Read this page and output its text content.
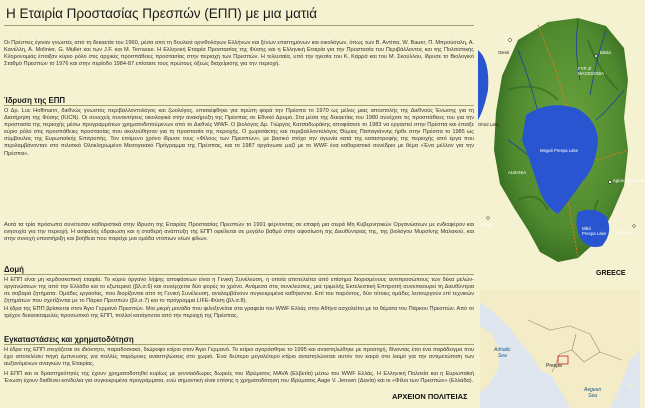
Η Εταιρία Προστασίας Πρεσπών (ΕΠΠ) με μια ματιά

Οι Πρέσπες έγιναν γνωστές από τη δεκαετία του 1960, μέσα από τη δουλειά ορνιθολόγων Ελλήνων και ξένων επιστημόνων και οικολόγων, όπως των Β. Αντίπα, W. Bauer, Π. Μπρούσαλη, Α. Κανέλλη, Α. Molinier, G. Muller και των J.F. και M. Terrasse. Η Ελληνική Εταιρία Προστασίας της Φύσης και η Ελληνική Εταιρία για την Προστασία του Περιβάλλοντος και της Πολιτιστικής Κληρονομιάς έπαιξαν κύριο ρόλο στις αρχικές προσπάθειες προστασίας στην περιοχή των Πρεσπών. Η τελευταία, υπό την ηγεσία του Κ. Καρρά και του Μ. Σκούλλου, ίδρυσε το Βιολογικό Σταθμό Πρεσπών το 1976 και στην περίοδο 1984-87 επίσασε τους πρώτους όξεως διαχείρισης για την περιοχή.

Ίδρυση της ΕΠΠ

Ο Δρ. Luc Hoffmann, διεθνώς γνωστός περιβαλλοντολόγος και ζωολόγος, επισκέφθηκε για πρώτη φορά την Πρέσπα το 1970 ως μέλος μιας αποστολής της Διεθνούς Ένωσης για τη Διατήρηση της Φύσης (IUCN). Οι συνεχείς συναντήσεις οικολογικά στην ανακήρυξη της Πρέσπας σε Εθνικό Δρυμό. Στα μέσα της δεκαετίας του 1980 συνέχισε τις προσπάθειες του για την προστασία της περιοχής μέσω προγραμμάτων χρηματοδοτούμενων από το Διεθνές WWF. Ο βιολόγος Δρ. Γιώργος Κατσαδωράκης αποφάσισε το 1983 να εργαστεί στην Πρέσπα και έπαιξε κύριο ρόλο στις προσπάθειες προστασίας που ακολούθησαν για τη προστασία της περιοχής. Ο χωροτάκτης και περιβαλλοντολόγος Θύμιος Παπαγιάννης ήρθε στην Πρέσπα το 1985 ως σύμβουλος της Ευρωπαϊκής Επιτροπής. Τον επόμενο χρόνο ίδρυσε τους «Φίλους των Πρεσπών», με βασικό στόχο την αγωνία κατά της καταστροφής της περιοχής από έργα που περιλαμβάνονταν στο πιλοτικό Ολοκληρωμένο Μεσογειακό Πρόγραμμα της Πρέσπας, και το 1987 οργάνωσε μαζί με το WWF ένα καθοριστικό συνέδριο με θέμα «Ένα μέλλον για την Πρέσπα».

Αυτά τα τρία πρόσωπα συνέτεσαν καθοριστικά στην ίδρυση της Εταιρίας Προστασίας Πρεσπών το 1991 φέρνοντας σε επαφή μια σειρά Μη Κυβερνητικών Οργανώσεων με ενδιαφέρον και ενησυχία για την περιοχή. Η ασφαλής έδραιωση και η σταθερή ανάπτυξη της ΕΠΠ οφείλεται σε μεγάλο βαθμό στην αφοσίωση της Διευθύντριας της, της βιολόγου Μυρσίνης Μαλακού, και στην συνεχή υποστήριξη και βοήθεια που παρείχε μια ομάδα ντόπιων νέων φίλων.

Δομή

Η ΕΠΠ είναι μη κερδοσκοπική εταιρία. Το κύριο όργανο λήψης αποφάσεων είναι η Γενική Συνέλευση, η οποία αποτελείται από επίσημα διορισμένους αντιπροσώπους των δέκα μελών-οργανώσεων της από την Ελλάδα και το εξωτερικό (βλ.σ.6) και συνέρχεται δύο φορές το χρόνο. Ανάμεσα στις συνελεύσεις, μια τριμελής Εκτελεστική Επιτροπή συνεπικουρεί τη Διευθύντρια σε σοβαρά ζητήματα. Ομάδες εργασίας, που διορίζονται από τη Γενική Συνέλευση, αναλαμβάνουν συγκεκριμένα καθήκοντα. Επί του παρόντος, δύο τέτοιες ομάδες λειτουργούν επί τεχνικών ζητημάτων που σχετίζονται με το Πάρκο Πρεσπών (βλ.σ.7) και το πρόγραμμα LIFE-Φύση (βλ.σ.8).

Η έδρα της ΕΠΠ βρίσκεται στον Άγιο Γερμανό Πρεσπών. Μια μικρή μονάδα που φιλοξενείται στα γραφεία του WWF Ελλάς στην Αθήνα ασχολείται με τα θέματα του Πάρκου Πρεσπών. Από το τρέχον δεκαοκταμελές προσωπικό της ΕΠΠ, πολλοί κατάγονται από την περιοχή της Πρέσπας.

Εγκαταστάσεις και χρηματοδότηση

Η έδρα της ΕΠΠ στεγάζεται σε ιδιόκτητο, παραδοσιακό, διώροφο κτίριο στον Άγιο Γερμανό. Το κτίριο αγοράσθηκε το 1995 και αναστηλώθηκε με προσοχή, δίνοντας έτσι ένα παράδειγμα που έχει αποτελέσει πηγή έμπνευσης για πολλές παρόμοιες αναστηλώσεις στο χωριό. Ένα δεύτερο μεγαλύτερο κτίριο αναστηλώνεται αυτόν τον καιρό στο λαιμό για την αντιμετώπιση των αυξανόμενων αναγκών της Εταιρίας.

Η ΕΠΠ και οι δραστηριότητές της έχουν χρηματοδοτηθεί κυρίως με γενναιόδωρες δωρεές του Ιδρύματος MAVA (Ελβετία) μέσω του WWF Ελλάς. Η Ελληνική Πολιτεία και η Ευρωπαϊκή Ένωση έχουν διαθέσει κονδύλια για συγκεκριμένα προγράμματα, ενώ σημαντική είναι επίσης η χρηματοδότηση του Ιδρύματος Aage V. Jensen (Δανία) και οι «Φίλοι των Πρεσπών» (Ελλάδα).

ΑΡΧΕΙΟΝ ΠΟΛΙΤΕΙΑΣ
Otesti
Ohrid Lake
FYR of
MACEDONIA
Bitola
Megali Prespa Lake
ALBANIA
Agios Germanos
Mikri
Prespa Lake
Korça
Florina
GREECE
Adriatic
Sea
Aegean
Sea
Prespa
